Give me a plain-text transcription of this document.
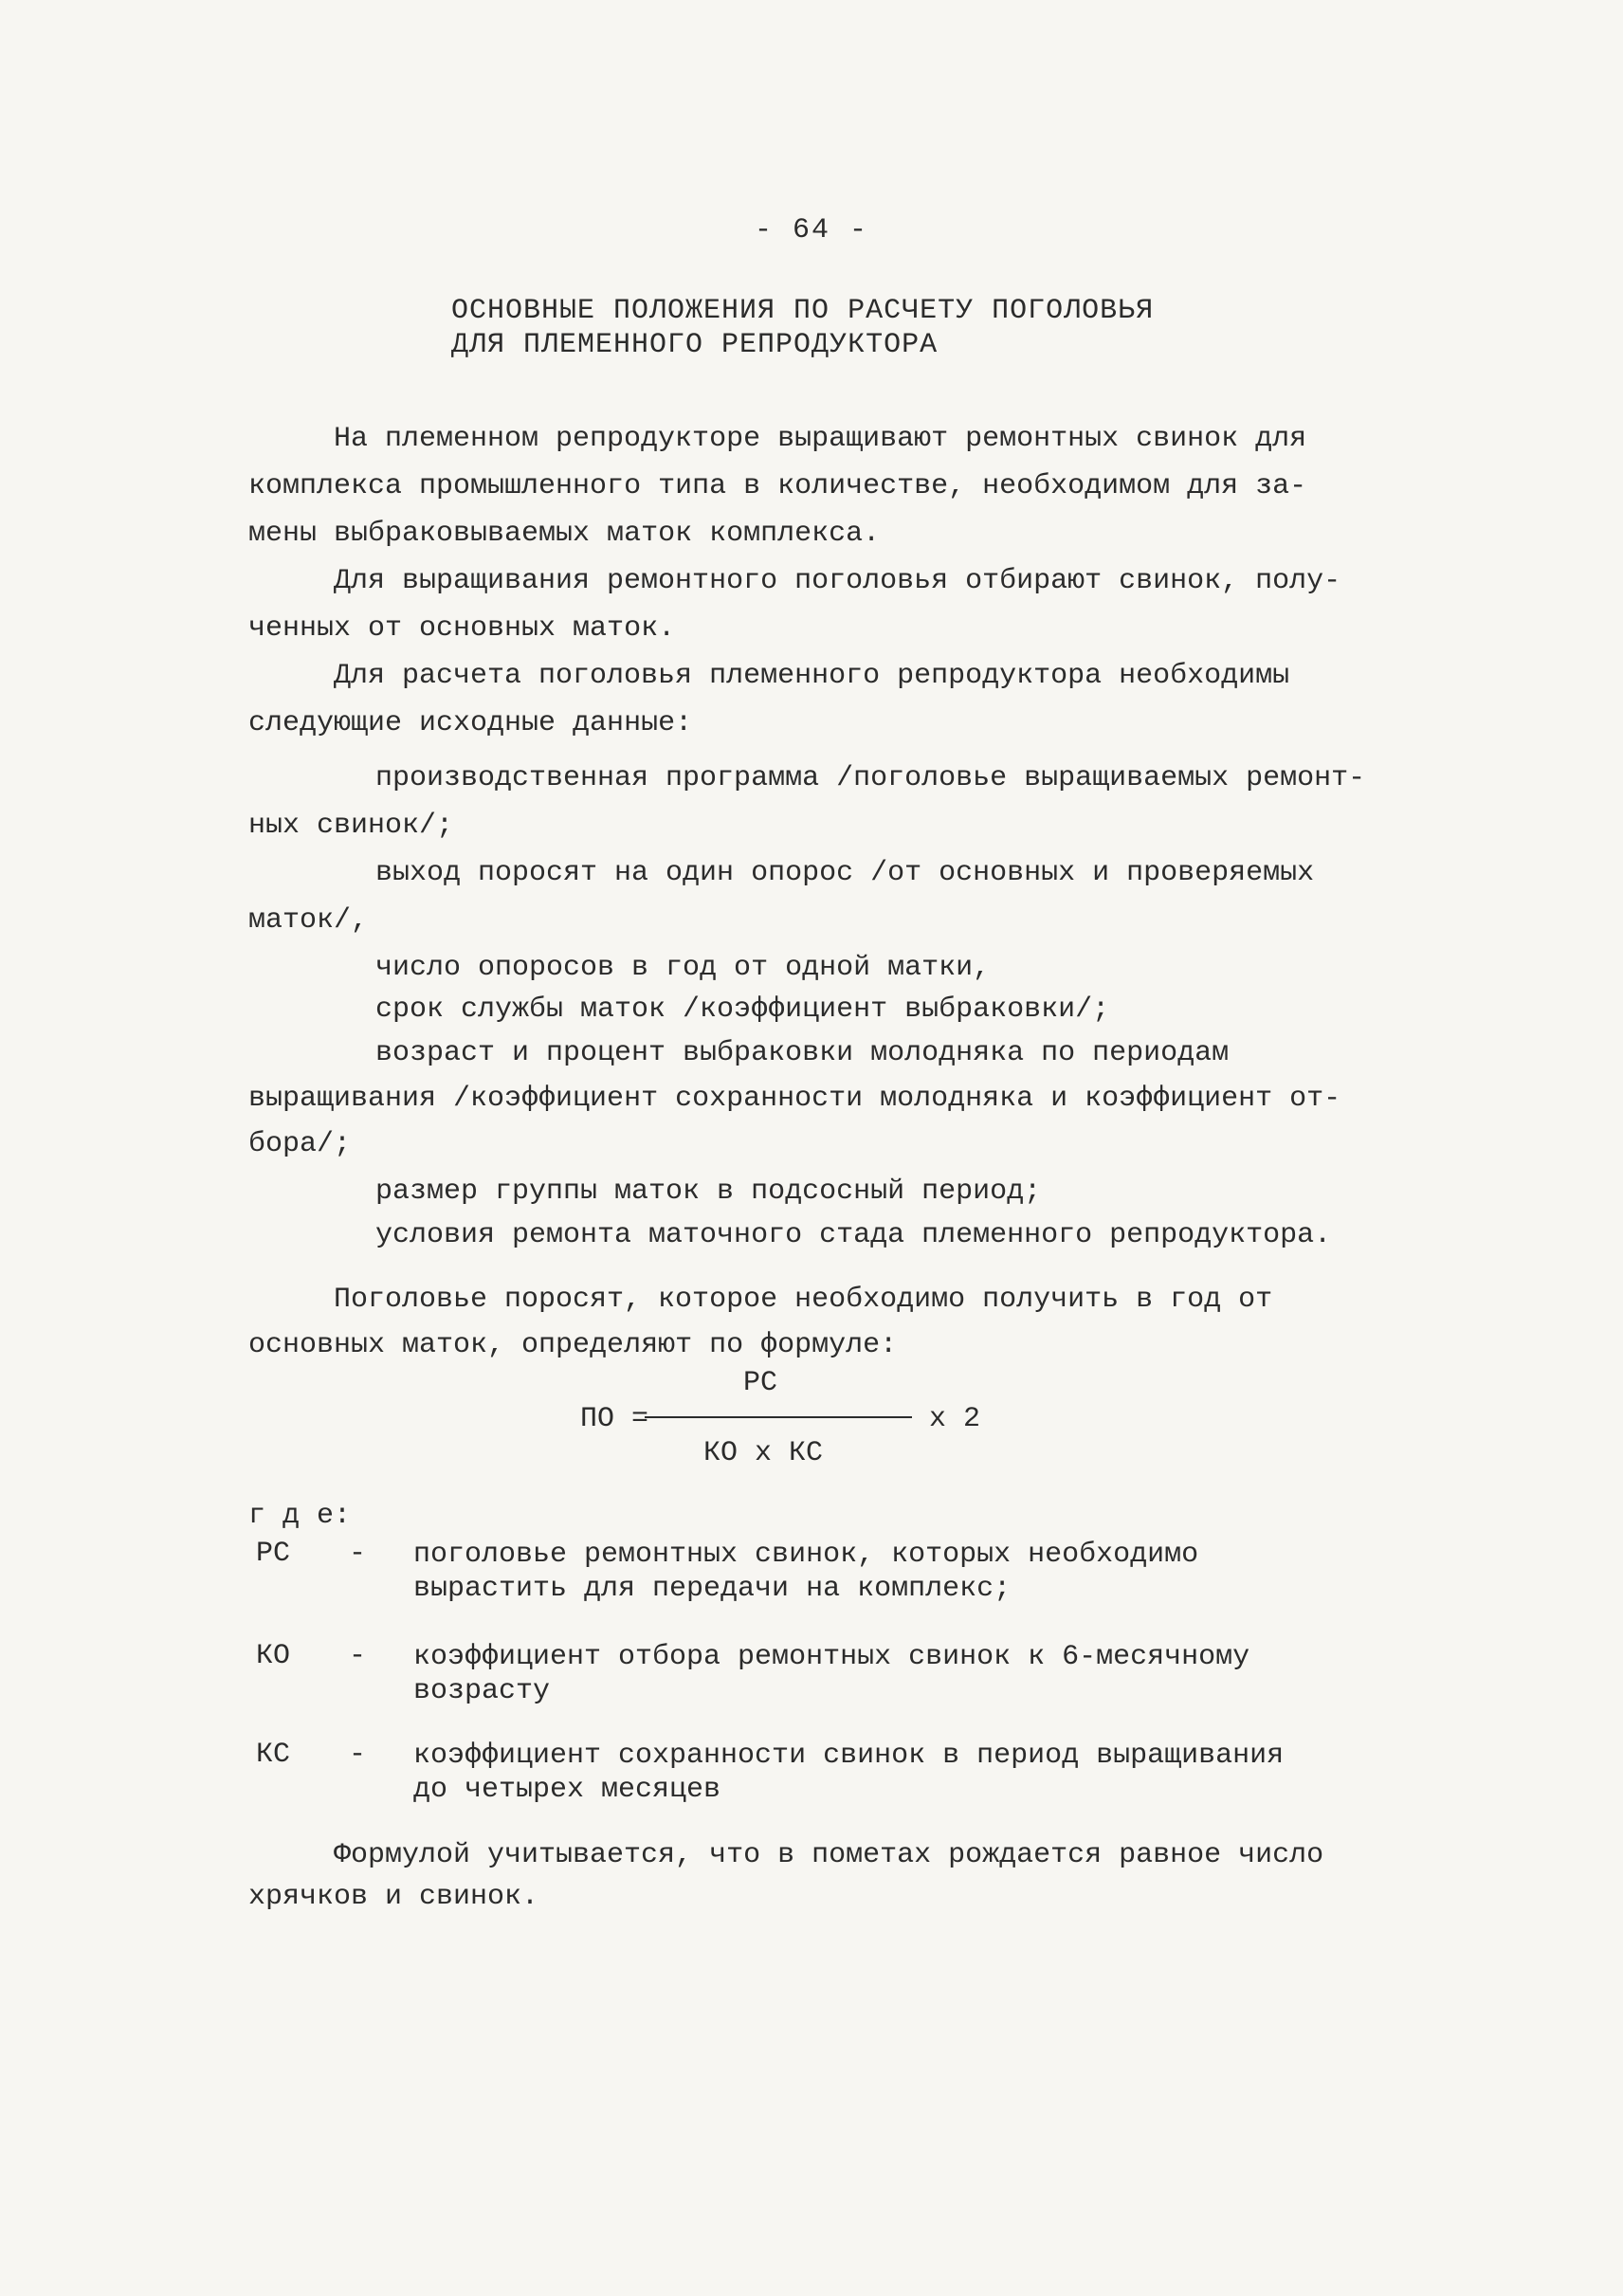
- 64 -
ОСНОВНЫЕ ПОЛОЖЕНИЯ ПО РАСЧЕТУ ПОГОЛОВЬЯ
ДЛЯ ПЛЕМЕННОГО РЕПРОДУКТОРА
На племенном репродукторе выращивают ремонтных свинок для
комплекса промышленного типа в количестве, необходимом для за-
мены выбраковываемых маток комплекса.
Для выращивания ремонтного поголовья отбирают свинок, полу-
ченных от основных маток.
Для расчета поголовья племенного репродуктора необходимы
следующие исходные данные:
производственная программа /поголовье выращиваемых ремонт-
ных свинок/;
выход поросят на один опорос /от основных и проверяемых
маток/,
число опоросов в год от одной матки,
срок службы маток /коэффициент выбраковки/;
возраст и процент выбраковки молодняка по периодам
выращивания /коэффициент сохранности молодняка и коэффициент от-
бора/;
размер группы маток в подсосный период;
условия ремонта маточного стада племенного репродуктора.
Поголовье поросят, которое необходимо получить в год от
основных маток, определяют по формуле:
РС
ПО =	х 2
КО х КС
г д е:
РС - поголовье ремонтных свинок, которых необходимо
вырастить для передачи на комплекс;
КО - коэффициент отбора ремонтных свинок к 6-месячному
возрасту
КС - коэффициент сохранности свинок в период выращивания
до четырех месяцев
Формулой учитывается, что в пометах рождается равное число
хрячков и свинок.
